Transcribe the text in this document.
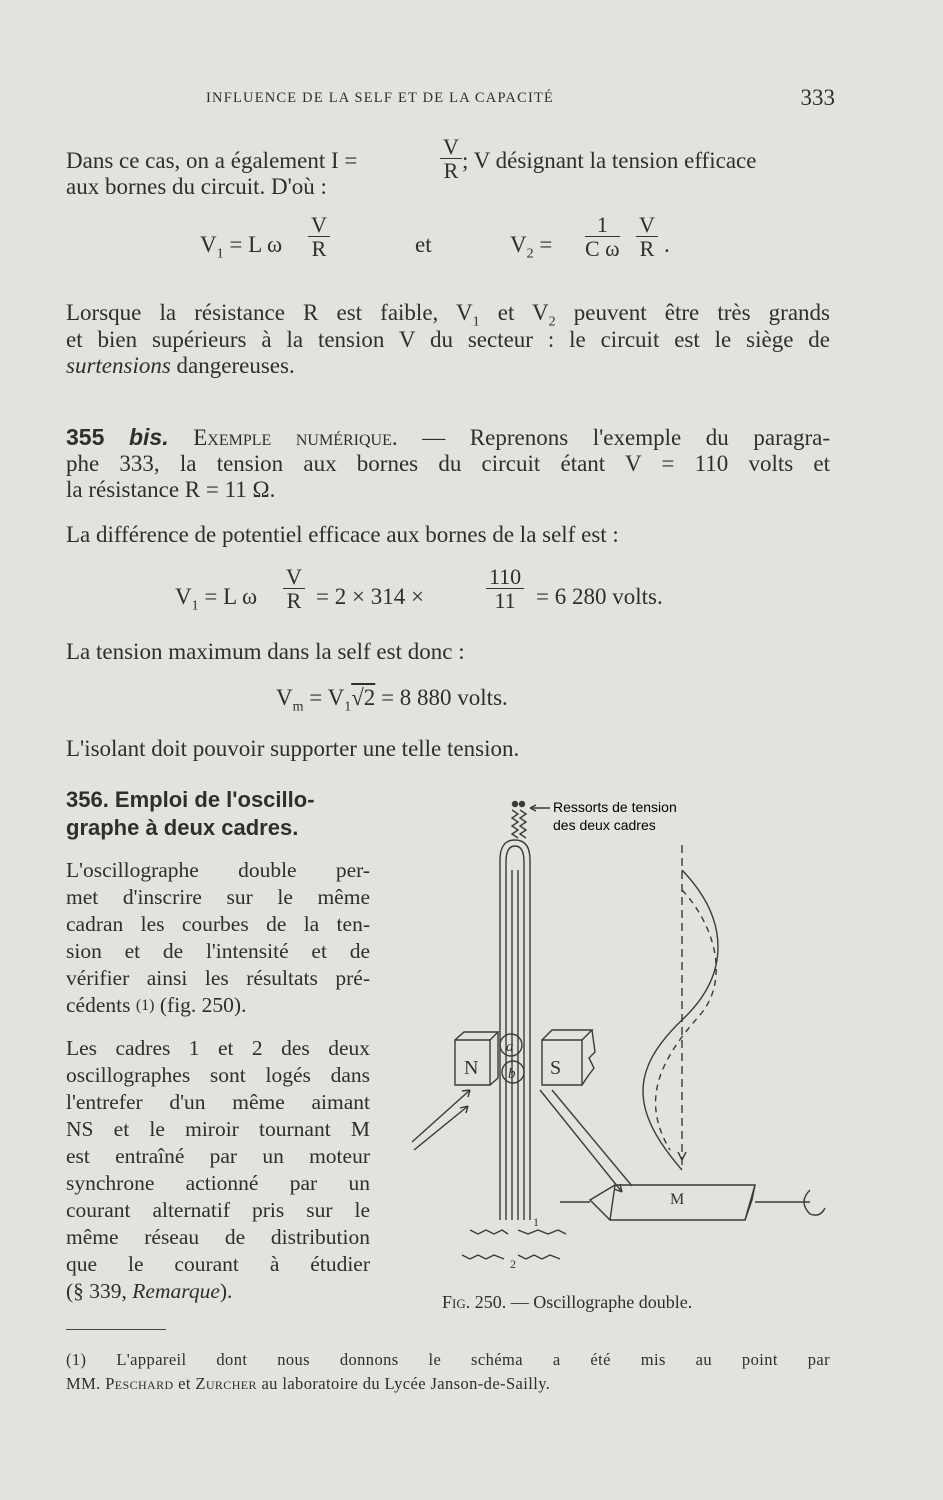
INFLUENCE DE LA SELF ET DE LA CAPACITÉ	333
Dans ce cas, on a également I =	$\frac{V}{R}$ ; V désignant la tension efficace
aux bornes du circuit. D'où :
$V_1 = L$ ω $\frac{V}{R}$	et	$V_2 = \frac{1}{\text{C ω}} \frac{V}{R}$ .
Lorsque la résistance R est faible, $V_1$ et $V_2$ peuvent être très grands
et bien supérieurs à la tension V du secteur : le circuit est le siège de
surtensions dangereuses.
355 bis. Exemple numérique. — Reprenons l'exemple du paragra-
phe 333, la tension aux bornes du circuit étant V = 110 volts et
la résistance R = 11 Ω.
La différence de potentiel efficace aux bornes de la self est :
$V_1 = L$ ω $\frac{V}{R} = 2 \times 314$ ×	$\frac{110}{11} = 6$ 280 volts.
La tension maximum dans la self est donc :
$V_m = V_1√2 = 8$ 880 volts.
L'isolant doit pouvoir supporter une telle tension.
356. Emploi de l'oscillo-
graphe à deux cadres.
L'oscillographe double per-
met d'inscrire sur le même
cadran les courbes de la ten-
sion et de l'intensité et de
vérifier ainsi les résultats pré-
cédents (1) (fig. 250).
Les cadres 1 et 2 des deux
oscillographes sont logés dans
l'entrefer d'un même aimant
NS et le miroir tournant M
est entraîné par un moteur
synchrone actionné par un
courant alternatif pris sur le
même réseau de distribution
que le courant à étudier
(§ 339, Remarque).
Ressorts de tension
des deux cadres
N	S
a
b
M
1
2
Fig. 250. — Oscillographe double.
(1) L'appareil dont nous donnons le schéma a été mis au point par
MM. Peschard et Zurcher au laboratoire du Lycée Janson-de-Sailly.
